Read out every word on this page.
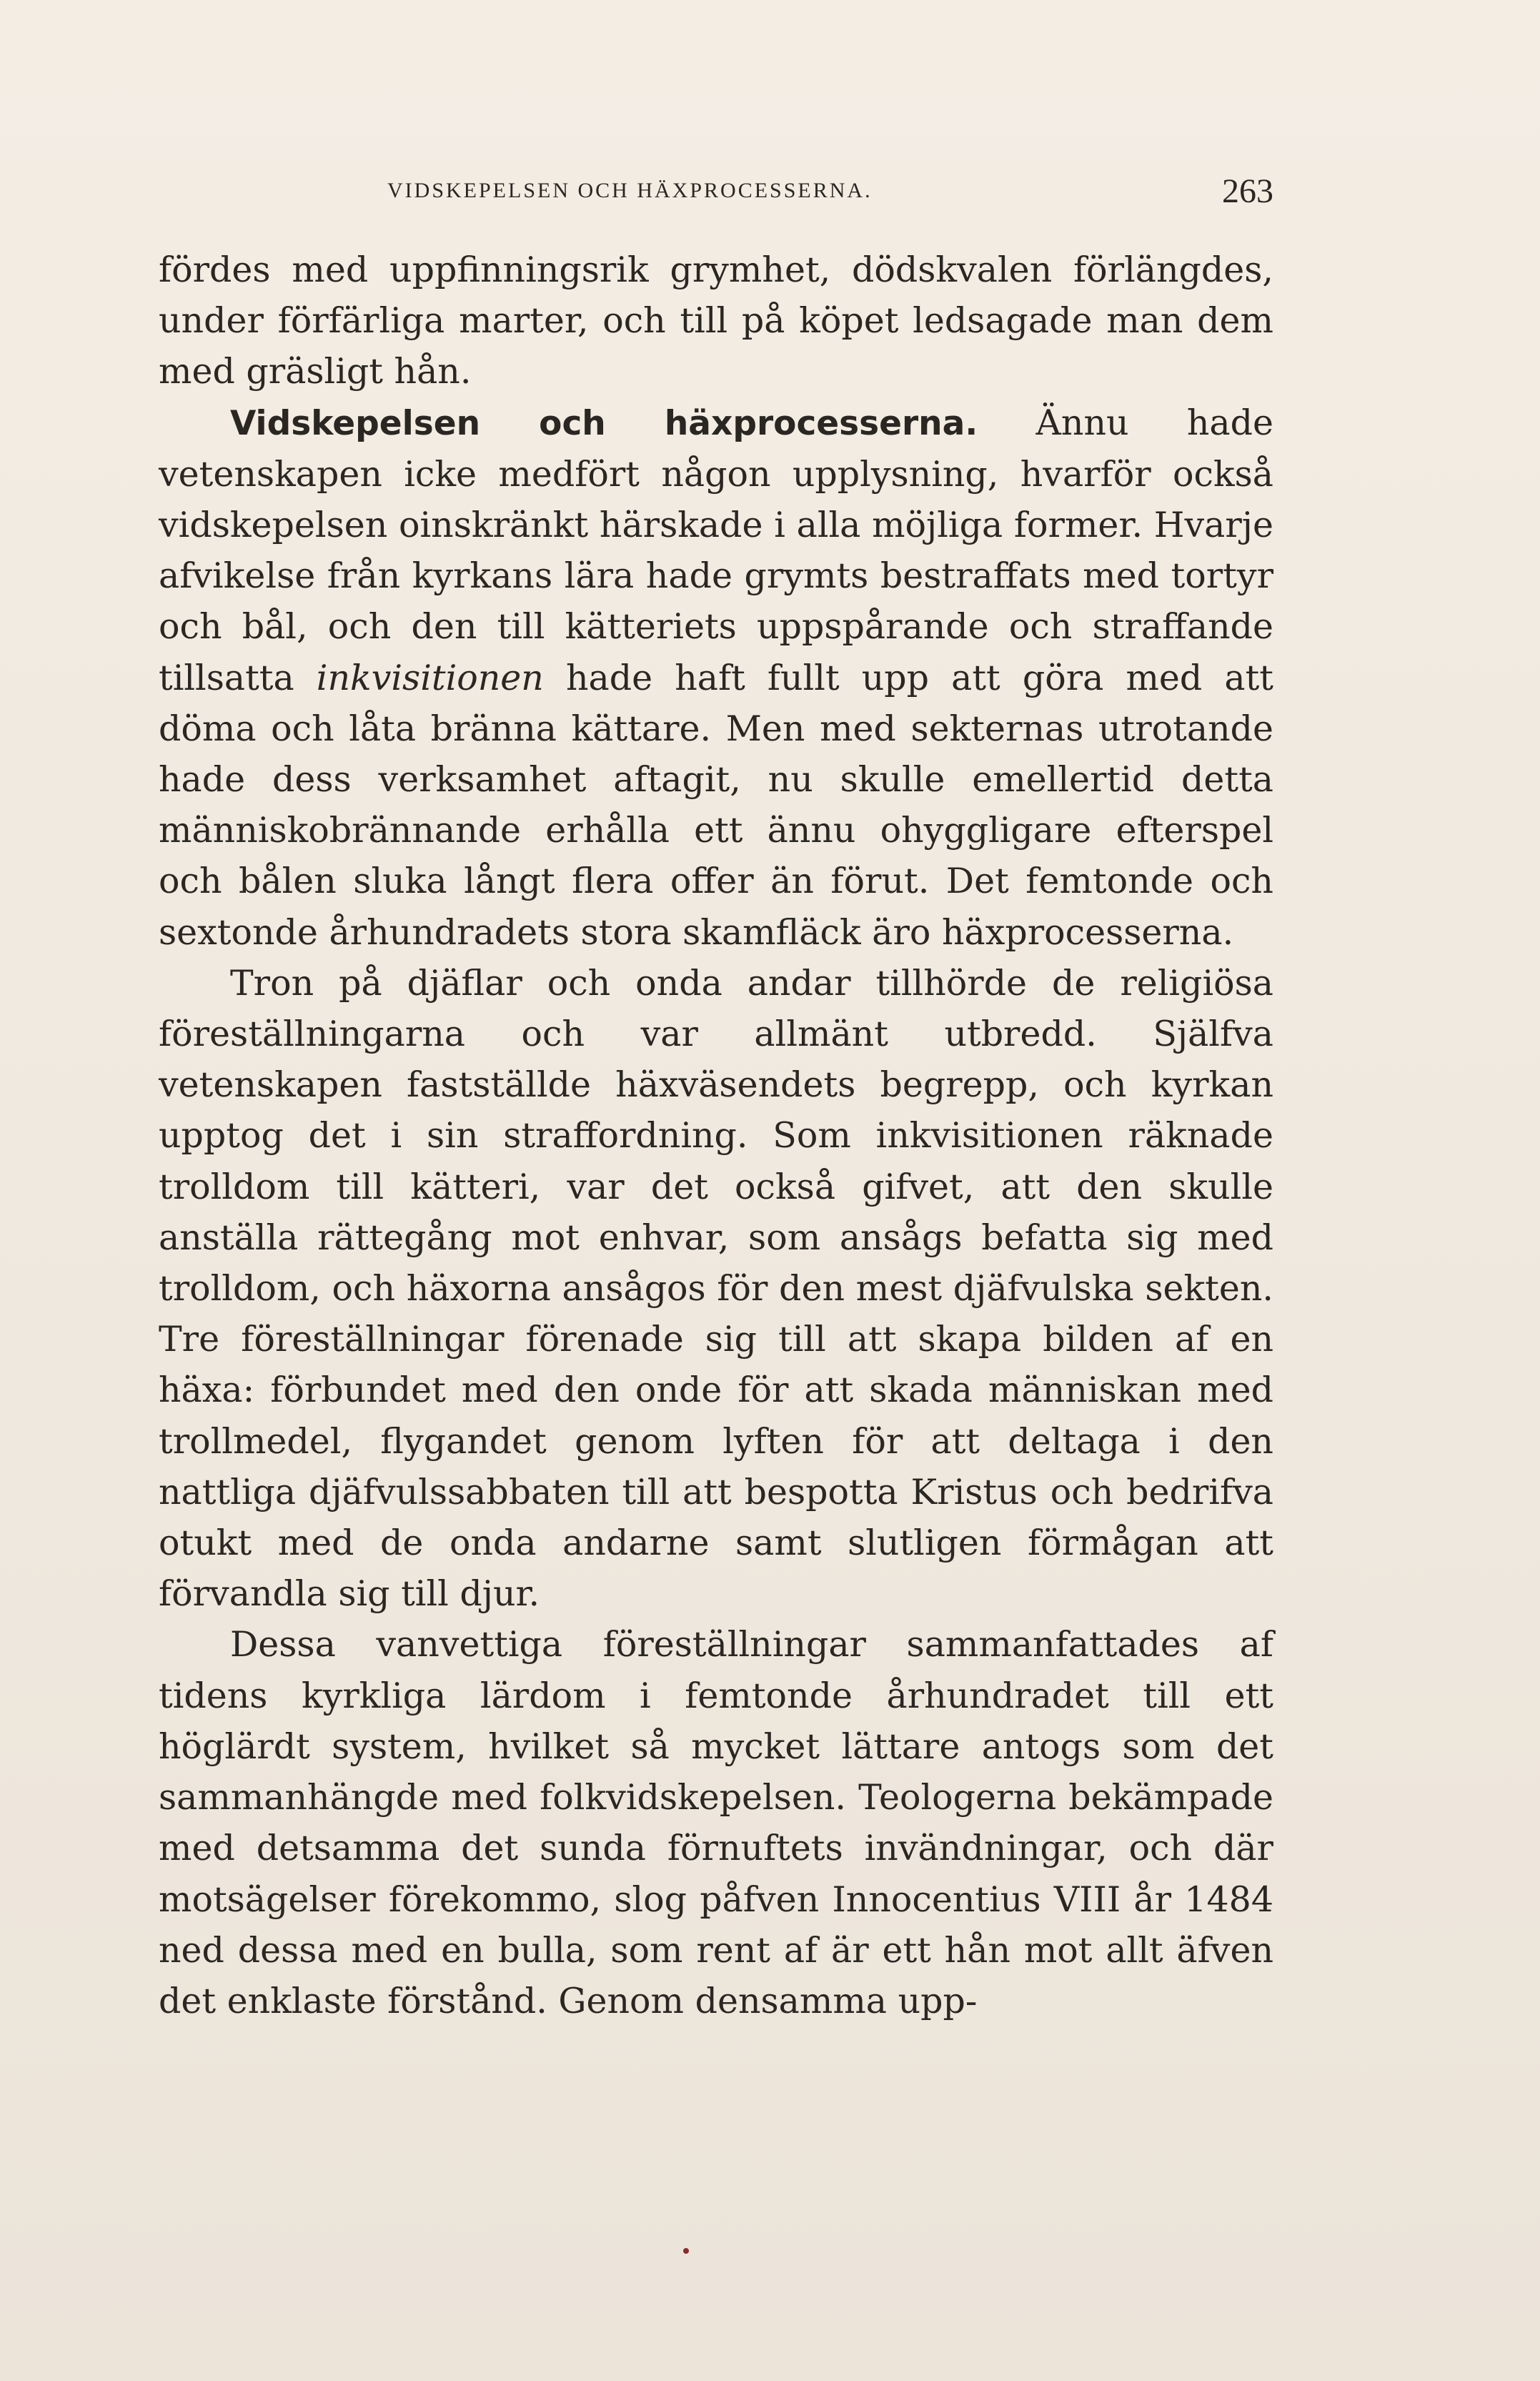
VIDSKEPELSEN OCH HÄXPROCESSERNA.	263

fördes med uppfinningsrik grymhet, dödskvalen förlängdes, under förfärliga marter, och till på köpet ledsagade man dem med gräsligt hån.

Vidskepelsen och häxprocesserna. Ännu hade vetenskapen icke medfört någon upplysning, hvarför också vidskepelsen oinskränkt härskade i alla möjliga former. Hvarje afvikelse från kyrkans lära hade grymts bestraffats med tortyr och bål, och den till kätteriets uppspårande och straffande tillsatta inkvisitionen hade haft fullt upp att göra med att döma och låta bränna kättare. Men med sekternas utrotande hade dess verksamhet aftagit, nu skulle emellertid detta människobrännande erhålla ett ännu ohyggligare efterspel och bålen sluka långt flera offer än förut. Det femtonde och sextonde århundradets stora skamfläck äro häxprocesserna.

Tron på djäflar och onda andar tillhörde de religiösa föreställningarna och var allmänt utbredd. Själfva vetenskapen fastställde häxväsendets begrepp, och kyrkan upptog det i sin straffordning. Som inkvisitionen räknade trolldom till kätteri, var det också gifvet, att den skulle anställa rättegång mot enhvar, som ansågs befatta sig med trolldom, och häxorna ansågos för den mest djäfvulska sekten. Tre föreställningar förenade sig till att skapa bilden af en häxa: förbundet med den onde för att skada människan med trollmedel, flygandet genom lyften för att deltaga i den nattliga djäfvulssabbaten till att bespotta Kristus och bedrifva otukt med de onda andarne samt slutligen förmågan att förvandla sig till djur.

Dessa vanvettiga föreställningar sammanfattades af tidens kyrkliga lärdom i femtonde århundradet till ett höglärdt system, hvilket så mycket lättare antogs som det sammanhängde med folkvidskepelsen. Teologerna bekämpade med detsamma det sunda förnuftets invändningar, och där motsägelser förekommo, slog påfven Innocentius VIII år 1484 ned dessa med en bulla, som rent af är ett hån mot allt äfven det enklaste förstånd. Genom densamma upp-
